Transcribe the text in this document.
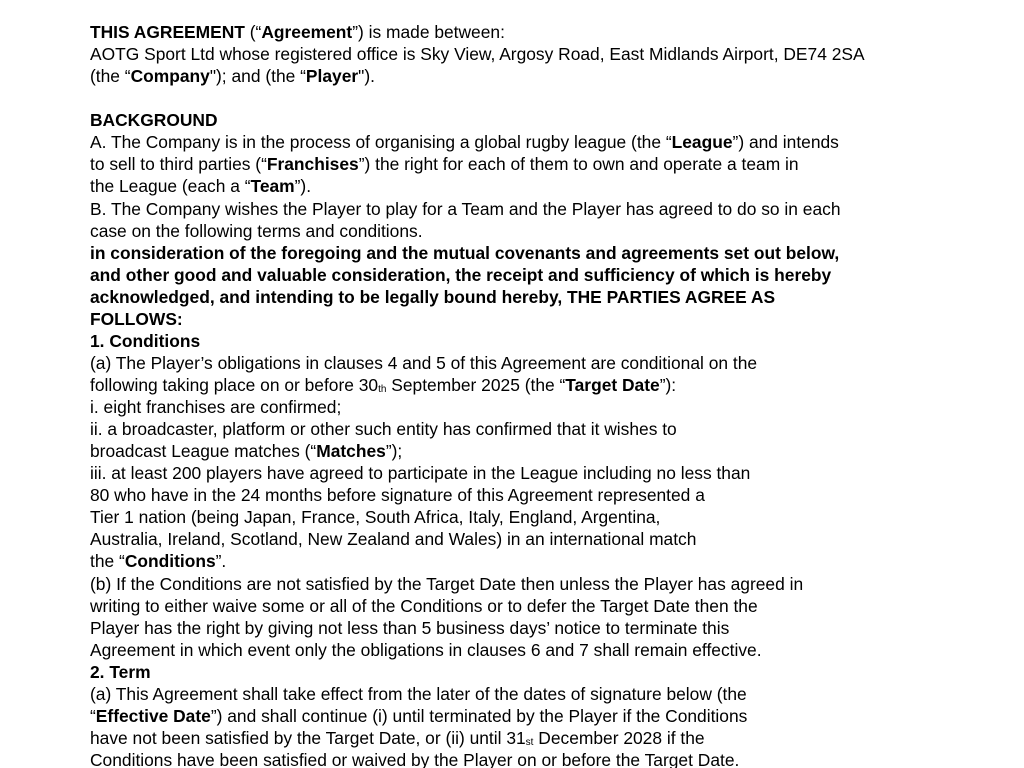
THIS AGREEMENT (“Agreement”) is made between:
AOTG Sport Ltd whose registered office is Sky View, Argosy Road, East Midlands Airport, DE74 2SA
(the “Company"); and (the “Player").
BACKGROUND
A. The Company is in the process of organising a global rugby league (the “League”) and intends
to sell to third parties (“Franchises”) the right for each of them to own and operate a team in
the League (each a “Team”).
B. The Company wishes the Player to play for a Team and the Player has agreed to do so in each
case on the following terms and conditions.
in consideration of the foregoing and the mutual covenants and agreements set out below,
and other good and valuable consideration, the receipt and sufficiency of which is hereby
acknowledged, and intending to be legally bound hereby, THE PARTIES AGREE AS
FOLLOWS:
1. Conditions
(a) The Player’s obligations in clauses 4 and 5 of this Agreement are conditional on the
following taking place on or before $30_{th}$ September 2025 (the “Target Date”):
i. eight franchises are confirmed;
ii. a broadcaster, platform or other such entity has confirmed that it wishes to
broadcast League matches (“Matches”);
iii. at least 200 players have agreed to participate in the League including no less than
80 who have in the 24 months before signature of this Agreement represented a
Tier 1 nation (being Japan, France, South Africa, Italy, England, Argentina,
Australia, Ireland, Scotland, New Zealand and Wales) in an international match
the “Conditions”.
(b) If the Conditions are not satisfied by the Target Date then unless the Player has agreed in
writing to either waive some or all of the Conditions or to defer the Target Date then the
Player has the right by giving not less than 5 business days’ notice to terminate this
Agreement in which event only the obligations in clauses 6 and 7 shall remain effective.
2. Term
(a) This Agreement shall take effect from the later of the dates of signature below (the
“Effective Date”) and shall continue (i) until terminated by the Player if the Conditions
have not been satisfied by the Target Date, or (ii) until $31_{st}$ December 2028 if the
Conditions have been satisfied or waived by the Player on or before the Target Date.
